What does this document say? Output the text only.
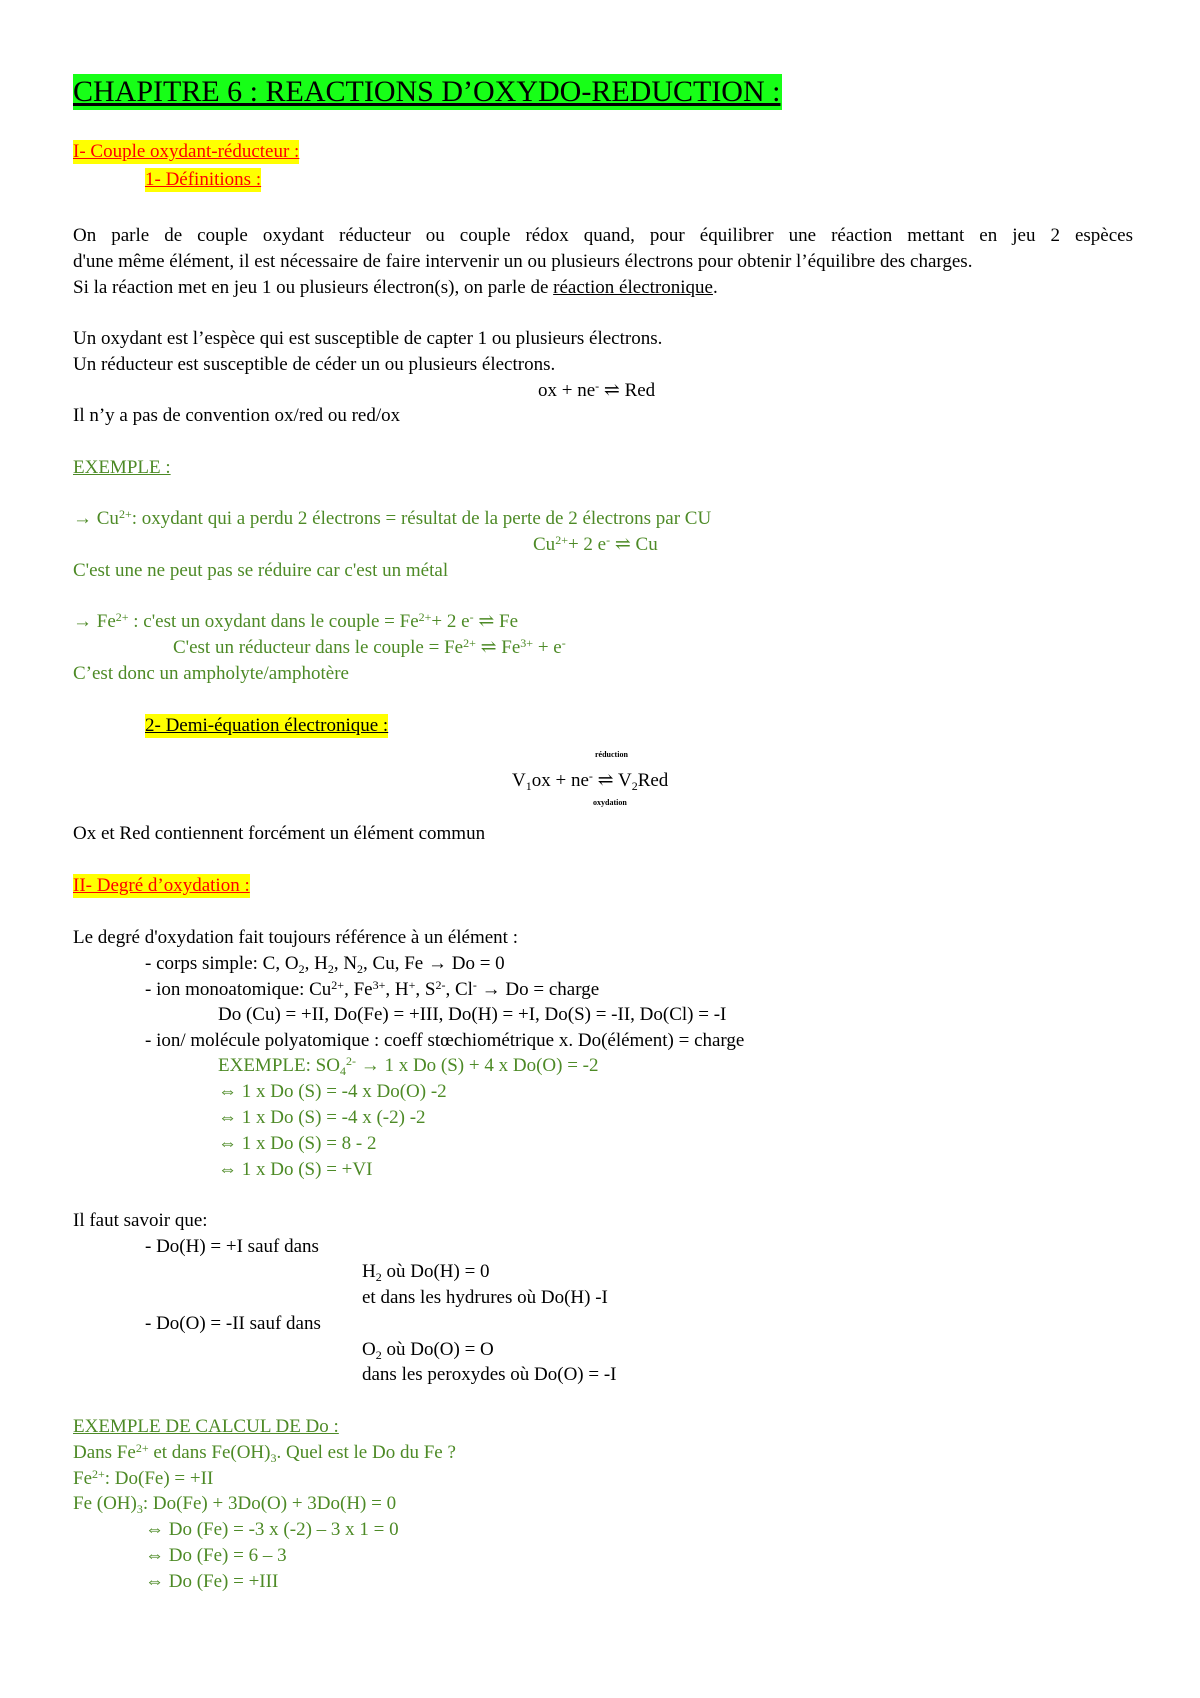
CHAPITRE 6 : REACTIONS D’OXYDO-REDUCTION :
I- Couple oxydant-réducteur :
1- Définitions :
On parle de couple oxydant réducteur ou couple rédox quand, pour équilibrer une réaction mettant en jeu 2 espèces
d'une même élément, il est nécessaire de faire intervenir un ou plusieurs électrons pour obtenir l’équilibre des charges.
Si la réaction met en jeu 1 ou plusieurs électron(s), on parle de réaction électronique.
Un oxydant est l’espèce qui est susceptible de capter 1 ou plusieurs électrons.
Un réducteur est susceptible de céder un ou plusieurs électrons.
ox + ne- ⇌ Red
Il n’y a pas de convention ox/red ou red/ox
EXEMPLE :
→ $Cu^{2+}$: oxydant qui a perdu 2 électrons = résultat de la perte de 2 électrons par CU
$Cu^{2+}+ 2$ e- ⇌ Cu
C'est une ne peut pas se réduire car c'est un métal
→ $Fe^{2+}$ : c'est un oxydant dans le couple = $Fe^{2+}+ 2$ e- ⇌ Fe
C'est un réducteur dans le couple = $Fe^{2+}$ ⇌ $Fe^{3+} + e^-$
C’est donc un ampholyte/amphotère
2- Demi-équation électronique :
réduction
$V_1ox + ne^-$ ⇌ $V_2Red$
oxydation
Ox et Red contiennent forcément un élément commun
II- Degré d’oxydation :
Le degré d'oxydation fait toujours référence à un élément :
- corps simple: C, $O_2$, $H_2$, $N_2$, Cu, Fe → Do = 0
- ion monoatomique: $Cu^{2+}$, $Fe^{3+}$, H+, $S^{2-}$, Cl- → Do = charge
Do (Cu) = +II, Do(Fe) = +III, Do(H) = +I, Do(S) = -II, Do(Cl) = -I
- ion/ molécule polyatomique : coeff stœchiométrique x. Do(élément) = charge
EXEMPLE: $SO_4^{2-} \to 1$ x Do (S) + 4 x Do(O) = -2
⇔ 1 x Do (S) = -4 x Do(O) -2
⇔ 1 x Do (S) = -4 x (-2) -2
⇔ 1 x Do (S) = 8 - 2
⇔ 1 x Do (S) = +VI
Il faut savoir que:
- Do(H) = +I sauf dans
$H_2$ où Do(H) = 0
et dans les hydrures où Do(H) -I
- Do(O) = -II sauf dans
$O_2$ où Do(O) = O
dans les peroxydes où Do(O) = -I
EXEMPLE DE CALCUL DE Do :
Dans $Fe^{2+}$ et dans $Fe(OH)_3$. Quel est le Do du Fe ?
$Fe^{2+}$: Do(Fe) = +II
Fe $(OH)_3$: Do(Fe) + 3Do(O) + 3Do(H) = 0
⇔ Do (Fe) = -3 x (-2) – 3 x 1 = 0
⇔ Do (Fe) = 6 – 3
⇔ Do (Fe) = +III
